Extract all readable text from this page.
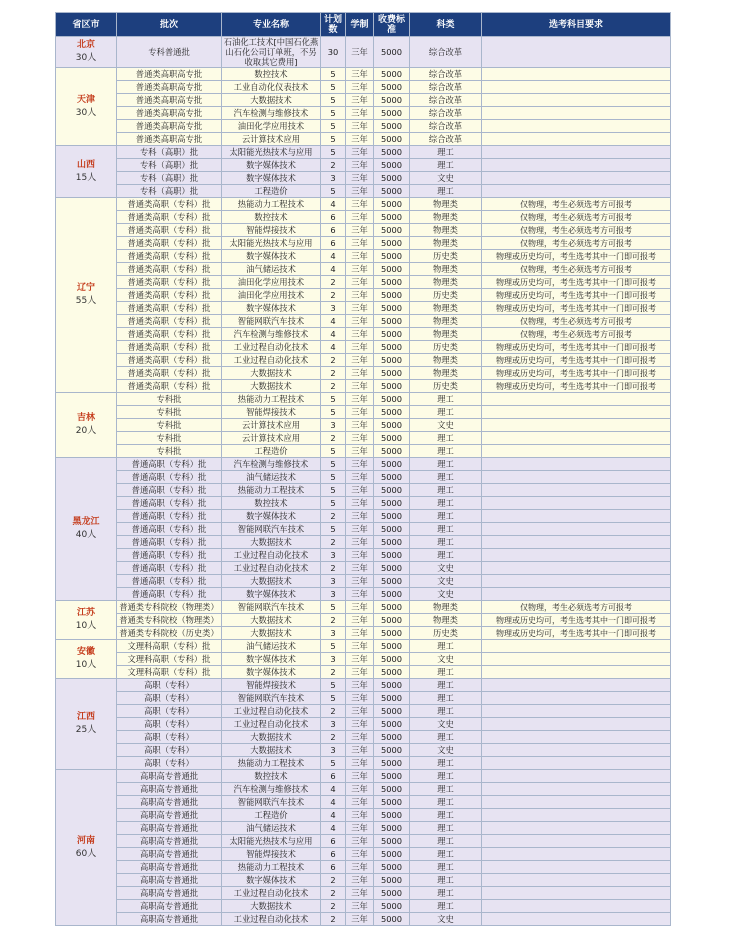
省区市	批次	专业名称	计划数	学制	收费标准	科类	选考科目要求

北京
30人	专科普通批	石油化工技术[中国石化燕山石化公司订单班，不另收取其它费用]	30	三年	5000	综合改革	

天津
30人	普通类高职高专批	数控技术	5	三年	5000	综合改革	
	普通类高职高专批	工业自动化仪表技术	5	三年	5000	综合改革	
	普通类高职高专批	大数据技术	5	三年	5000	综合改革	
	普通类高职高专批	汽车检测与维修技术	5	三年	5000	综合改革	
	普通类高职高专批	油田化学应用技术	5	三年	5000	综合改革	
	普通类高职高专批	云计算技术应用	5	三年	5000	综合改革	

山西
15人	专科（高职）批	太阳能光热技术与应用	5	三年	5000	理工	
	专科（高职）批	数字媒体技术	2	三年	5000	理工	
	专科（高职）批	数字媒体技术	3	三年	5000	文史	
	专科（高职）批	工程造价	5	三年	5000	理工	

辽宁
55人	普通类高职（专科）批	热能动力工程技术	4	三年	5000	物理类	仅物理，考生必须选考方可报考
	普通类高职（专科）批	数控技术	6	三年	5000	物理类	仅物理，考生必须选考方可报考
	普通类高职（专科）批	智能焊接技术	6	三年	5000	物理类	仅物理，考生必须选考方可报考
	普通类高职（专科）批	太阳能光热技术与应用	6	三年	5000	物理类	仅物理，考生必须选考方可报考
	普通类高职（专科）批	数字媒体技术	4	三年	5000	历史类	物理或历史均可，考生选考其中一门即可报考
	普通类高职（专科）批	油气储运技术	4	三年	5000	物理类	仅物理，考生必须选考方可报考
	普通类高职（专科）批	油田化学应用技术	2	三年	5000	物理类	物理或历史均可，考生选考其中一门即可报考
	普通类高职（专科）批	油田化学应用技术	2	三年	5000	历史类	物理或历史均可，考生选考其中一门即可报考
	普通类高职（专科）批	数字媒体技术	3	三年	5000	物理类	物理或历史均可，考生选考其中一门即可报考
	普通类高职（专科）批	智能网联汽车技术	4	三年	5000	物理类	仅物理，考生必须选考方可报考
	普通类高职（专科）批	汽车检测与维修技术	4	三年	5000	物理类	仅物理，考生必须选考方可报考
	普通类高职（专科）批	工业过程自动化技术	4	三年	5000	历史类	物理或历史均可，考生选考其中一门即可报考
	普通类高职（专科）批	工业过程自动化技术	2	三年	5000	物理类	物理或历史均可，考生选考其中一门即可报考
	普通类高职（专科）批	大数据技术	2	三年	5000	物理类	物理或历史均可，考生选考其中一门即可报考
	普通类高职（专科）批	大数据技术	2	三年	5000	历史类	物理或历史均可，考生选考其中一门即可报考

吉林
20人	专科批	热能动力工程技术	5	三年	5000	理工	
	专科批	智能焊接技术	5	三年	5000	理工	
	专科批	云计算技术应用	3	三年	5000	文史	
	专科批	云计算技术应用	2	三年	5000	理工	
	专科批	工程造价	5	三年	5000	理工	

黑龙江
40人	普通高职（专科）批	汽车检测与维修技术	5	三年	5000	理工	
	普通高职（专科）批	油气储运技术	5	三年	5000	理工	
	普通高职（专科）批	热能动力工程技术	5	三年	5000	理工	
	普通高职（专科）批	数控技术	5	三年	5000	理工	
	普通高职（专科）批	数字媒体技术	2	三年	5000	理工	
	普通高职（专科）批	智能网联汽车技术	5	三年	5000	理工	
	普通高职（专科）批	大数据技术	2	三年	5000	理工	
	普通高职（专科）批	工业过程自动化技术	3	三年	5000	理工	
	普通高职（专科）批	工业过程自动化技术	2	三年	5000	文史	
	普通高职（专科）批	大数据技术	3	三年	5000	文史	
	普通高职（专科）批	数字媒体技术	3	三年	5000	文史	

江苏
10人	普通类专科院校（物理类）	智能网联汽车技术	5	三年	5000	物理类	仅物理，考生必须选考方可报考
	普通类专科院校（物理类）	大数据技术	2	三年	5000	物理类	物理或历史均可，考生选考其中一门即可报考
	普通类专科院校（历史类）	大数据技术	3	三年	5000	历史类	物理或历史均可，考生选考其中一门即可报考

安徽
10人	文理科高职（专科）批	油气储运技术	5	三年	5000	理工	
	文理科高职（专科）批	数字媒体技术	3	三年	5000	文史	
	文理科高职（专科）批	数字媒体技术	2	三年	5000	理工	

江西
25人	高职（专科）	智能焊接技术	5	三年	5000	理工	
	高职（专科）	智能网联汽车技术	5	三年	5000	理工	
	高职（专科）	工业过程自动化技术	2	三年	5000	理工	
	高职（专科）	工业过程自动化技术	3	三年	5000	文史	
	高职（专科）	大数据技术	2	三年	5000	理工	
	高职（专科）	大数据技术	3	三年	5000	文史	
	高职（专科）	热能动力工程技术	5	三年	5000	理工	

河南
60人	高职高专普通批	数控技术	6	三年	5000	理工	
	高职高专普通批	汽车检测与维修技术	4	三年	5000	理工	
	高职高专普通批	智能网联汽车技术	4	三年	5000	理工	
	高职高专普通批	工程造价	4	三年	5000	理工	
	高职高专普通批	油气储运技术	4	三年	5000	理工	
	高职高专普通批	太阳能光热技术与应用	6	三年	5000	理工	
	高职高专普通批	智能焊接技术	6	三年	5000	理工	
	高职高专普通批	热能动力工程技术	6	三年	5000	理工	
	高职高专普通批	数字媒体技术	2	三年	5000	理工	
	高职高专普通批	工业过程自动化技术	2	三年	5000	理工	
	高职高专普通批	大数据技术	2	三年	5000	理工	
	高职高专普通批	工业过程自动化技术	2	三年	5000	文史	
